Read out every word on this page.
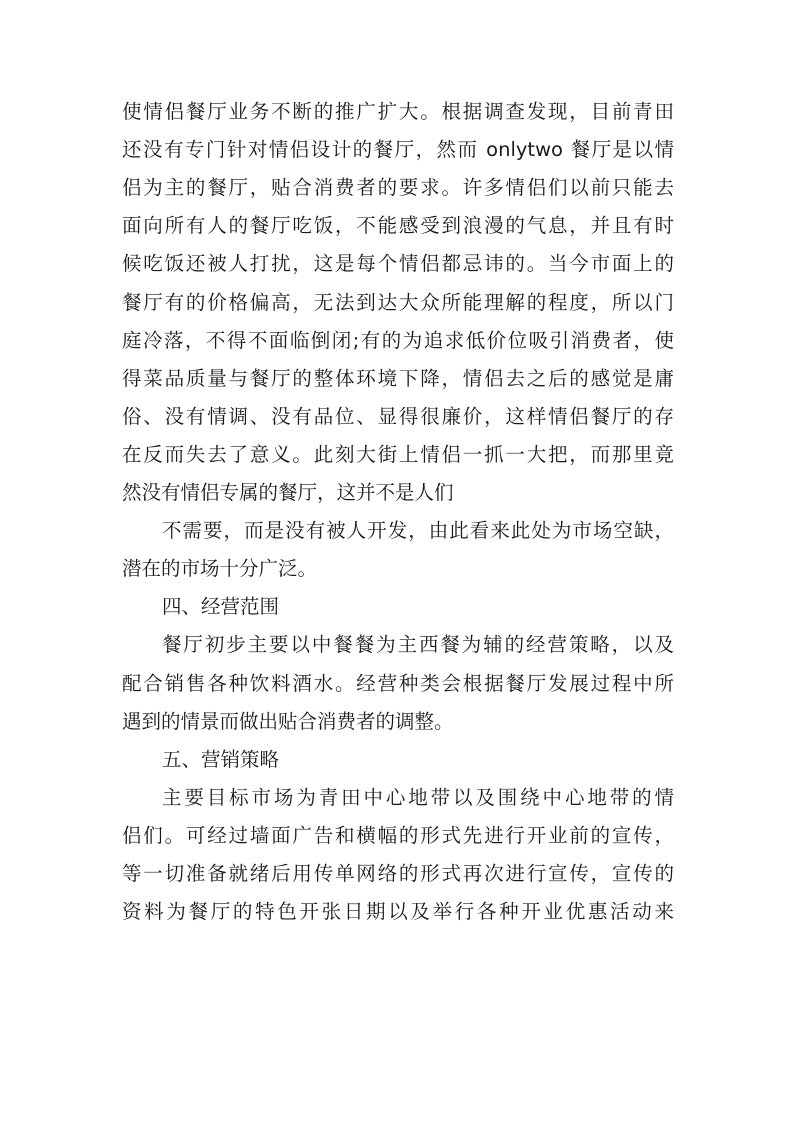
使情侣餐厅业务不断的推广扩大。根据调查发现，目前青田
还没有专门针对情侣设计的餐厅，然而 onlytwo 餐厅是以情
侣为主的餐厅，贴合消费者的要求。许多情侣们以前只能去
面向所有人的餐厅吃饭，不能感受到浪漫的气息，并且有时
候吃饭还被人打扰，这是每个情侣都忌讳的。当今市面上的
餐厅有的价格偏高，无法到达大众所能理解的程度，所以门
庭冷落，不得不面临倒闭;有的为追求低价位吸引消费者，使
得菜品质量与餐厅的整体环境下降，情侣去之后的感觉是庸
俗、没有情调、没有品位、显得很廉价，这样情侣餐厅的存
在反而失去了意义。此刻大街上情侣一抓一大把，而那里竟
然没有情侣专属的餐厅，这并不是人们
不需要，而是没有被人开发，由此看来此处为市场空缺，
潜在的市场十分广泛。
四、经营范围
餐厅初步主要以中餐餐为主西餐为辅的经营策略，以及
配合销售各种饮料酒水。经营种类会根据餐厅发展过程中所
遇到的情景而做出贴合消费者的调整。
五、营销策略
主要目标市场为青田中心地带以及围绕中心地带的情
侣们。可经过墙面广告和横幅的形式先进行开业前的宣传，
等一切准备就绪后用传单网络的形式再次进行宣传，宣传的
资料为餐厅的特色开张日期以及举行各种开业优惠活动来
